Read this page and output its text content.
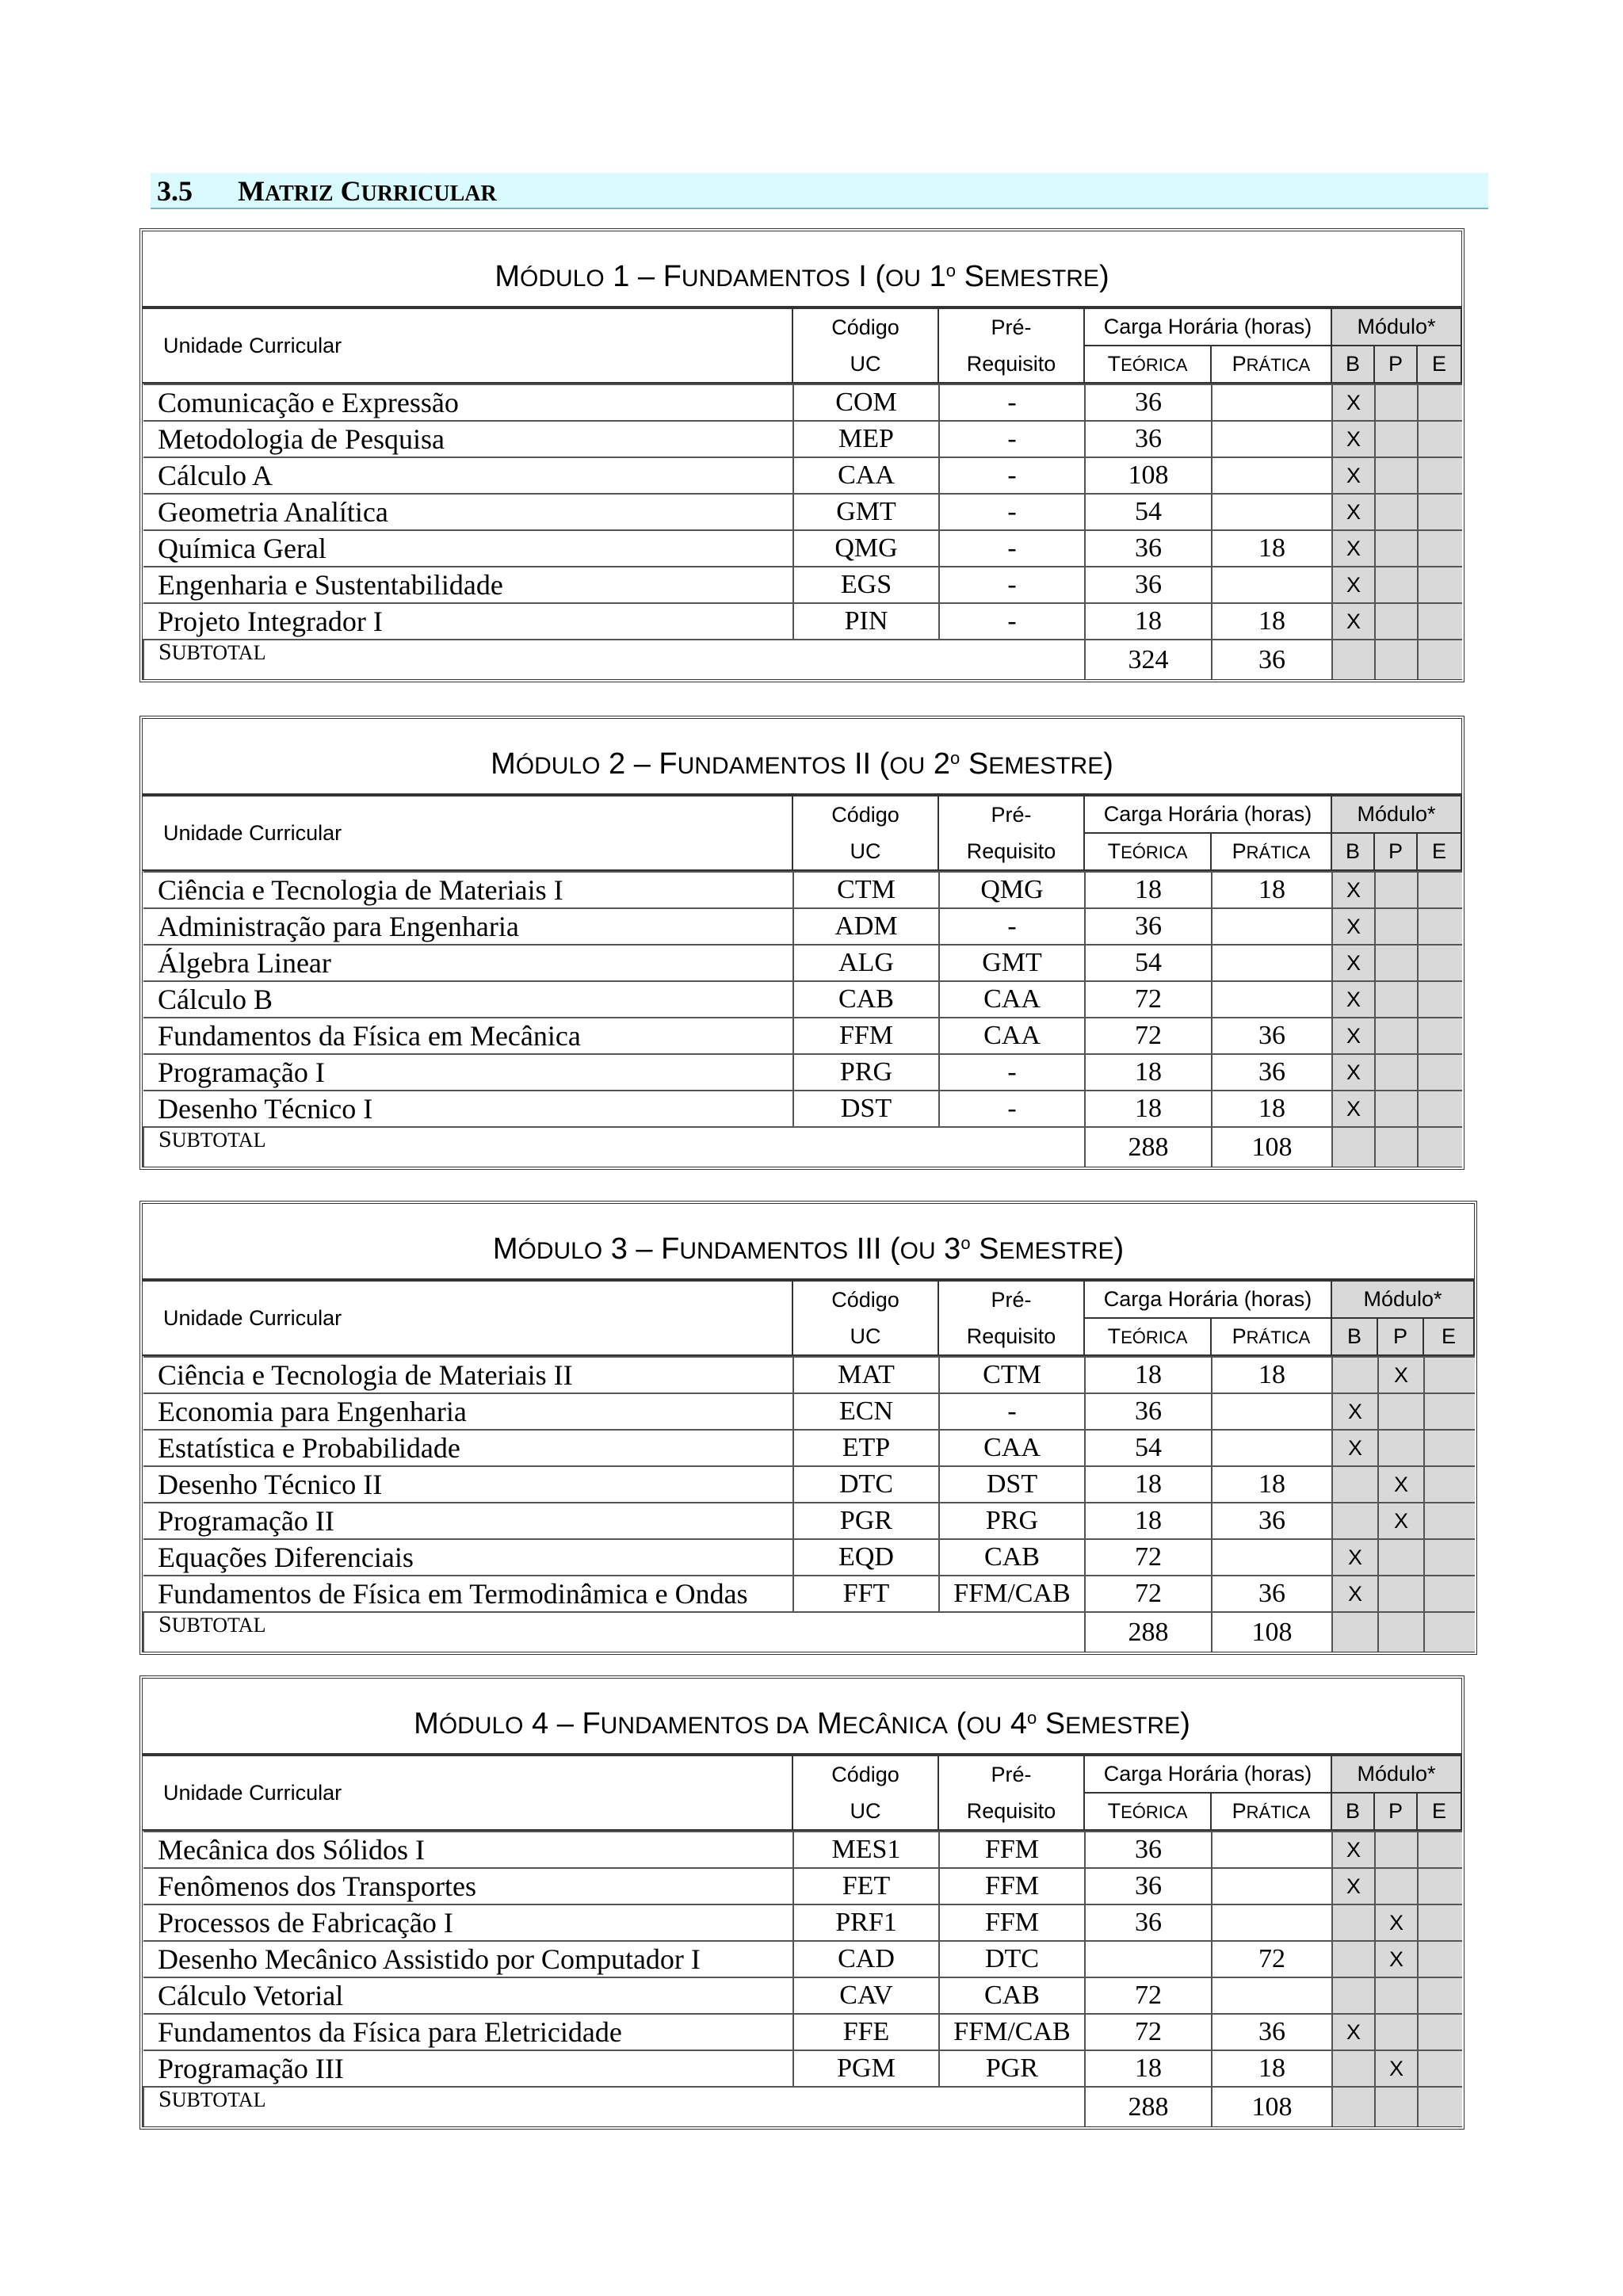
3.5 MATRIZ CURRICULAR
MÓDULO 1 – FUNDAMENTOS I (OU 1$^o$ SEMESTRE)
Unidade Curricular	Código	Pré-	Carga Horária (horas)		Módulo*		
	UC	Requisito	TEÓRICA	PRÁTICA	B	P	E
Comunicação e Expressão	COM	-	36		X		
Metodologia de Pesquisa	MEP	-	36		X		
Cálculo A	CAA	-	108		X		
Geometria Analítica	GMT	-	54		X		
Química Geral	QMG	-	36	18	X		
Engenharia e Sustentabilidade	EGS	-	36		X		
Projeto Integrador I	PIN	-	18	18	X		
SUBTOTAL			324	36			
MÓDULO 2 – FUNDAMENTOS II (OU 2$^o$ SEMESTRE)
Unidade Curricular	Código	Pré-	Carga Horária (horas)		Módulo*		
	UC	Requisito	TEÓRICA	PRÁTICA	B	P	E
Ciência e Tecnologia de Materiais I	CTM	QMG	18	18	X		
Administração para Engenharia	ADM	-	36		X		
Álgebra Linear	ALG	GMT	54		X		
Cálculo B	CAB	CAA	72		X		
Fundamentos da Física em Mecânica	FFM	CAA	72	36	X		
Programação I	PRG	-	18	36	X		
Desenho Técnico I	DST	-	18	18	X		
SUBTOTAL			288	108			
MÓDULO 3 – FUNDAMENTOS III (OU 3$^o$ SEMESTRE)
Unidade Curricular	Código	Pré-	Carga Horária (horas)		Módulo*		
	UC	Requisito	TEÓRICA	PRÁTICA	B	P	E
Ciência e Tecnologia de Materiais II	MAT	CTM	18	18		X	
Economia para Engenharia	ECN	-	36		X		
Estatística e Probabilidade	ETP	CAA	54		X		
Desenho Técnico II	DTC	DST	18	18		X	
Programação II	PGR	PRG	18	36		X	
Equações Diferenciais	EQD	CAB	72		X		
Fundamentos de Física em Termodinâmica e Ondas	FFT	FFM/CAB	72	36	X		
SUBTOTAL			288	108			
MÓDULO 4 – FUNDAMENTOS DA MECÂNICA (OU 4$^o$ SEMESTRE)
Unidade Curricular	Código	Pré-	Carga Horária (horas)		Módulo*		
	UC	Requisito	TEÓRICA	PRÁTICA	B	P	E
Mecânica dos Sólidos I	MES1	FFM	36		X		
Fenômenos dos Transportes	FET	FFM	36		X		
Processos de Fabricação I	PRF1	FFM	36			X	
Desenho Mecânico Assistido por Computador I	CAD	DTC		72		X	
Cálculo Vetorial	CAV	CAB	72				
Fundamentos da Física para Eletricidade	FFE	FFM/CAB	72	36	X		
Programação III	PGM	PGR	18	18		X	
SUBTOTAL			288	108			
